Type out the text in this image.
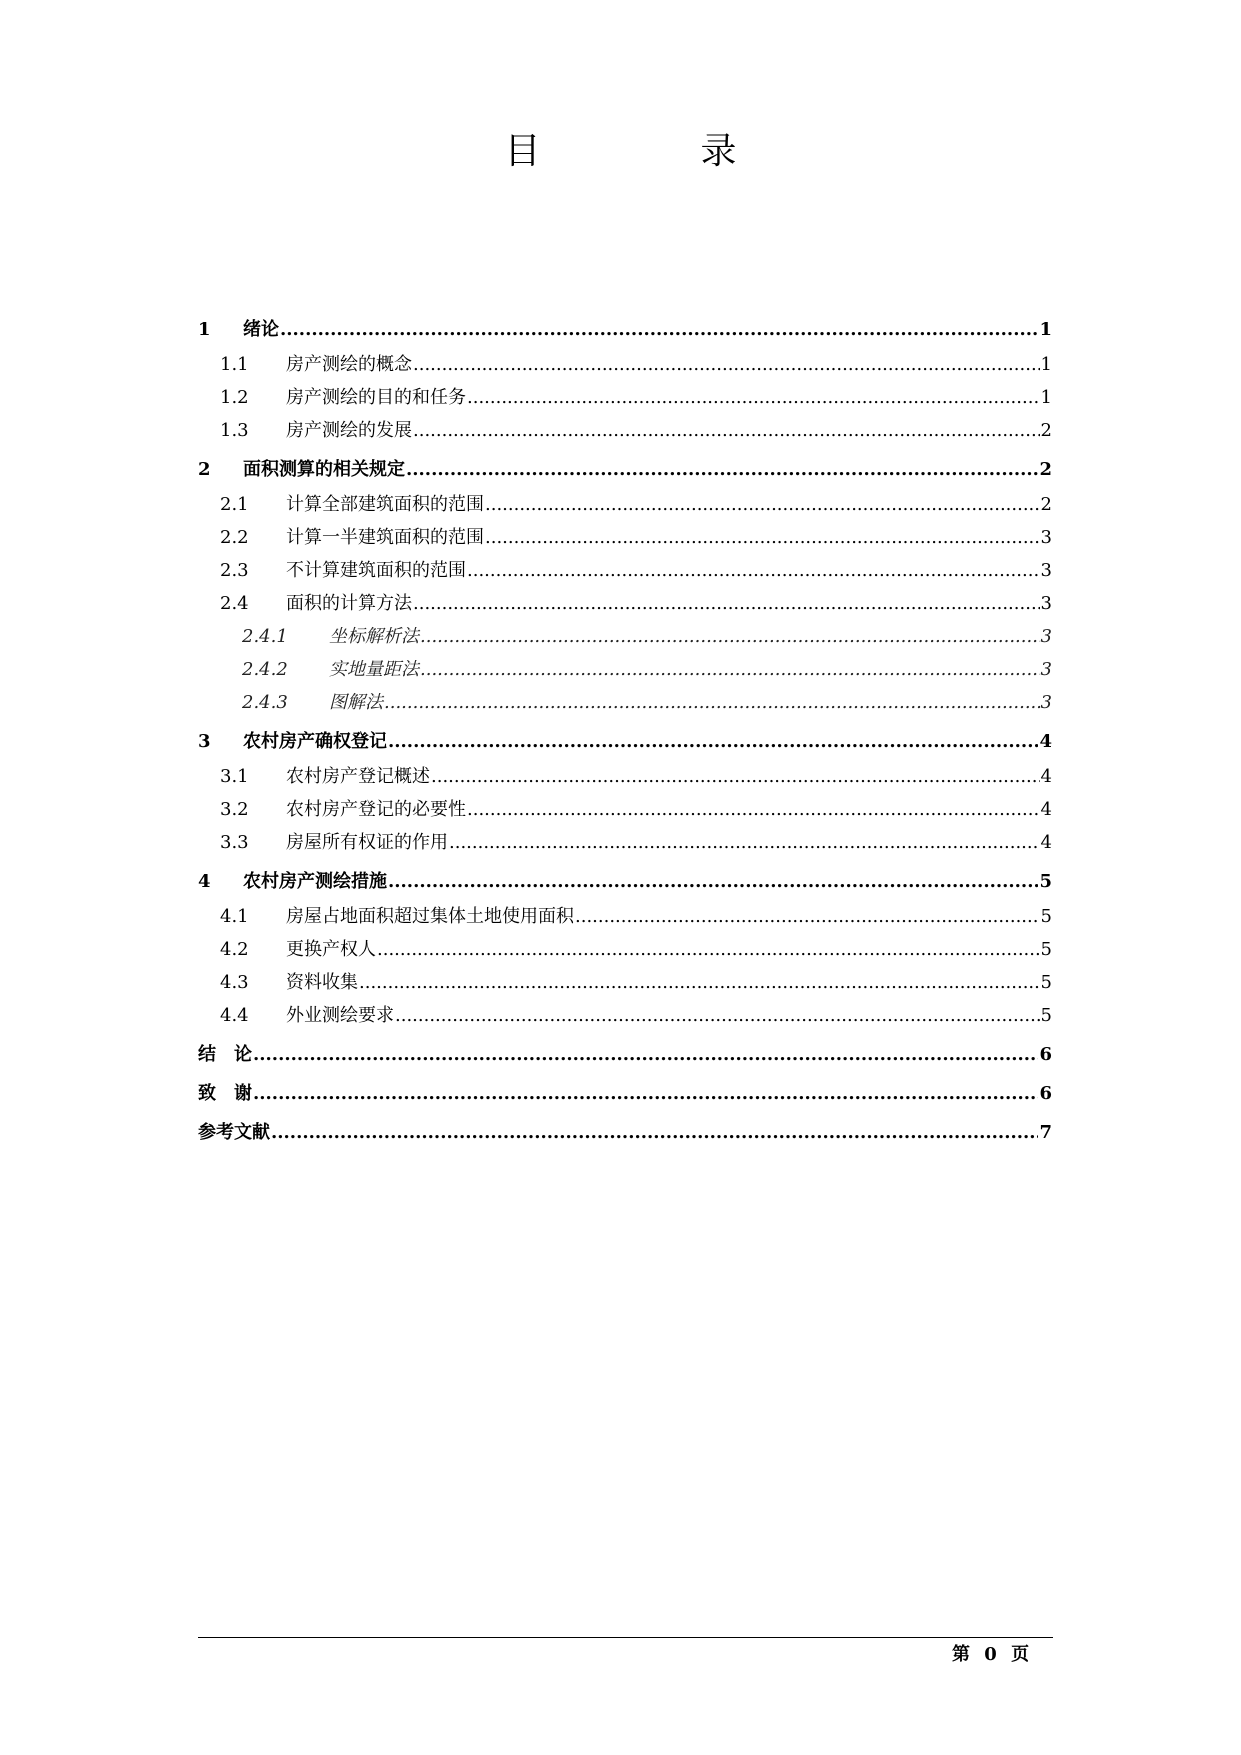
目　录
1	绪论 .....	1
1.1	房产测绘的概念 .....	1
1.2	房产测绘的目的和任务 .....	1
1.3	房产测绘的发展 .....	2
2	面积测算的相关规定 .....	2
2.1	计算全部建筑面积的范围 .....	2
2.2	计算一半建筑面积的范围 .....	3
2.3	不计算建筑面积的范围 .....	3
2.4	面积的计算方法 .....	3
2.4.1	坐标解析法 .....	3
2.4.2	实地量距法 .....	3
2.4.3	图解法 .....	3
3	农村房产确权登记 .....	4
3.1	农村房产登记概述 .....	4
3.2	农村房产登记的必要性 .....	4
3.3	房屋所有权证的作用 .....	4
4	农村房产测绘措施 .....	5
4.1	房屋占地面积超过集体土地使用面积 .....	5
4.2	更换产权人 .....	5
4.3	资料收集 .....	5
4.4	外业测绘要求 .....	5
结　论 .....	6
致　谢 .....	6
参考文献 .....	7
第 0 页
